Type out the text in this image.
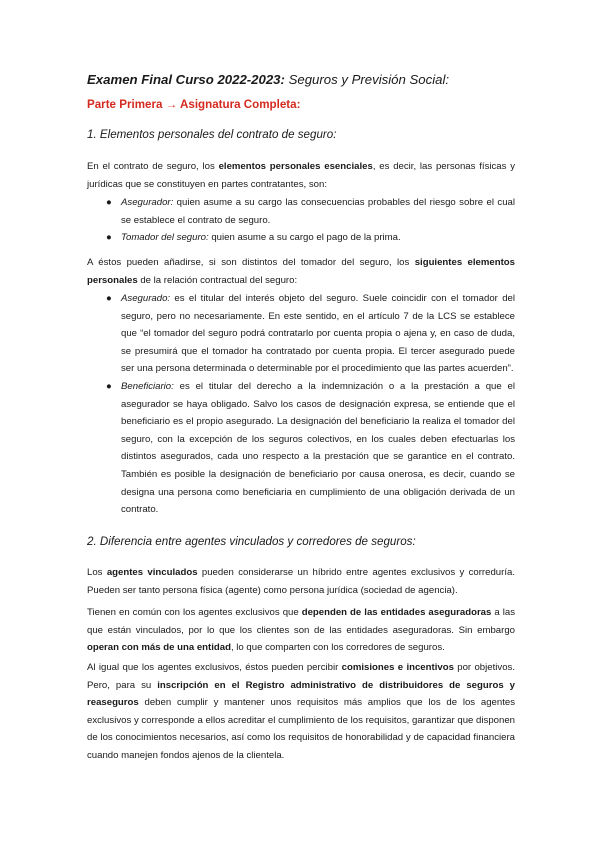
Examen Final Curso 2022-2023: Seguros y Previsión Social:
Parte Primera → Asignatura Completa:
1. Elementos personales del contrato de seguro:

En el contrato de seguro, los elementos personales esenciales, es decir, las personas físicas y jurídicas que se constituyen en partes contratantes, son:

● Asegurador: quien asume a su cargo las consecuencias probables del riesgo sobre el cual se establece el contrato de seguro.
● Tomador del seguro: quien asume a su cargo el pago de la prima.

A éstos pueden añadirse, si son distintos del tomador del seguro, los siguientes elementos personales de la relación contractual del seguro:

● Asegurado: es el titular del interés objeto del seguro. Suele coincidir con el tomador del seguro, pero no necesariamente. En este sentido, en el artículo 7 de la LCS se establece que “el tomador del seguro podrá contratarlo por cuenta propia o ajena y, en caso de duda, se presumirá que el tomador ha contratado por cuenta propia. El tercer asegurado puede ser una persona determinada o determinable por el procedimiento que las partes acuerden”.
● Beneficiario: es el titular del derecho a la indemnización o a la prestación a que el asegurador se haya obligado. Salvo los casos de designación expresa, se entiende que el beneficiario es el propio asegurado. La designación del beneficiario la realiza el tomador del seguro, con la excepción de los seguros colectivos, en los cuales deben efectuarlas los distintos asegurados, cada uno respecto a la prestación que se garantice en el contrato. También es posible la designación de beneficiario por causa onerosa, es decir, cuando se designa una persona como beneficiaria en cumplimiento de una obligación derivada de un contrato.
2. Diferencia entre agentes vinculados y corredores de seguros:

Los agentes vinculados pueden considerarse un híbrido entre agentes exclusivos y correduría. Pueden ser tanto persona física (agente) como persona jurídica (sociedad de agencia).

Tienen en común con los agentes exclusivos que dependen de las entidades aseguradoras a las que están vinculados, por lo que los clientes son de las entidades aseguradoras. Sin embargo operan con más de una entidad, lo que comparten con los corredores de seguros.

Al igual que los agentes exclusivos, éstos pueden percibir comisiones e incentivos por objetivos. Pero, para su inscripción en el Registro administrativo de distribuidores de seguros y reaseguros deben cumplir y mantener unos requisitos más amplios que los de los agentes exclusivos y corresponde a ellos acreditar el cumplimiento de los requisitos, garantizar que disponen de los conocimientos necesarios, así como los requisitos de honorabilidad y de capacidad financiera cuando manejen fondos ajenos de la clientela.
